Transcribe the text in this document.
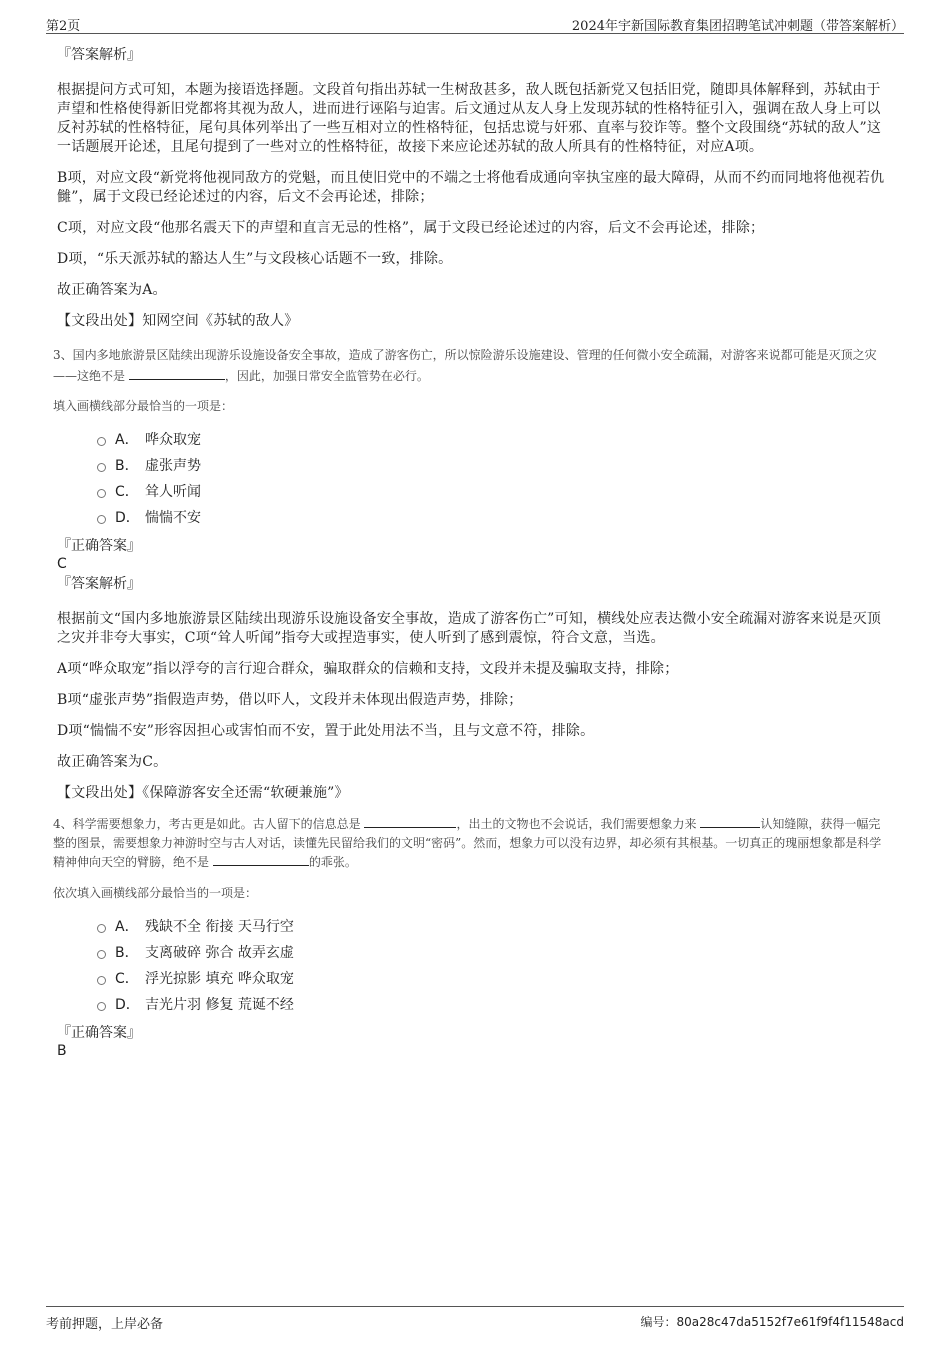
第2页	2024年宇新国际教育集团招聘笔试冲刺题（带答案解析）

『答案解析』

根据提问方式可知，本题为接语选择题。文段首句指出苏轼一生树敌甚多，敌人既包括新党又包括旧党，随即具体解释到，苏轼由于声望和性格使得新旧党都将其视为敌人，进而进行诬陷与迫害。后文通过从友人身上发现苏轼的性格特征引入，强调在敌人身上可以反衬苏轼的性格特征，尾句具体列举出了一些互相对立的性格特征，包括忠谠与奸邪、直率与狡诈等。整个文段围绕“苏轼的敌人”这一话题展开论述，且尾句提到了一些对立的性格特征，故接下来应论述苏轼的敌人所具有的性格特征，对应A项。

B项，对应文段“新党将他视同敌方的党魁，而且使旧党中的不端之士将他看成通向宰执宝座的最大障碍，从而不约而同地将他视若仇雠”，属于文段已经论述过的内容，后文不会再论述，排除；

C项，对应文段“他那名震天下的声望和直言无忌的性格”，属于文段已经论述过的内容，后文不会再论述，排除；

D项，“乐天派苏轼的豁达人生”与文段核心话题不一致，排除。

故正确答案为A。

【文段出处】知网空间《苏轼的敌人》

3、国内多地旅游景区陆续出现游乐设施设备安全事故，造成了游客伤亡，所以惊险游乐设施建设、管理的任何微小安全疏漏，对游客来说都可能是灭顶之灾——这绝不是	，因此，加强日常安全监管势在必行。

填入画横线部分最恰当的一项是：

A． 哗众取宠
B． 虚张声势
C． 耸人听闻
D． 惴惴不安

『正确答案』

C

『答案解析』

根据前文“国内多地旅游景区陆续出现游乐设施设备安全事故，造成了游客伤亡”可知，横线处应表达微小安全疏漏对游客来说是灭顶之灾并非夸大事实，C项“耸人听闻”指夸大或捏造事实，使人听到了感到震惊，符合文意，当选。

A项“哗众取宠”指以浮夸的言行迎合群众，骗取群众的信赖和支持，文段并未提及骗取支持，排除；

B项“虚张声势”指假造声势，借以吓人，文段并未体现出假造声势，排除；

D项“惴惴不安”形容因担心或害怕而不安，置于此处用法不当，且与文意不符，排除。

故正确答案为C。

【文段出处】《保障游客安全还需“软硬兼施”》

4、科学需要想象力，考古更是如此。古人留下的信息总是	，出土的文物也不会说话，我们需要想象力来	认知缝隙，获得一幅完整的图景，需要想象力神游时空与古人对话，读懂先民留给我们的文明“密码”。然而，想象力可以没有边界，却必须有其根基。一切真正的瑰丽想象都是科学精神伸向天空的臂膀，绝不是	的乖张。

依次填入画横线部分最恰当的一项是：

A． 残缺不全 衔接 天马行空
B． 支离破碎 弥合 故弄玄虚
C． 浮光掠影 填充 哗众取宠
D． 吉光片羽 修复 荒诞不经

『正确答案』

B

考前押题，上岸必备	编号：80a28c47da5152f7e61f9f4f11548acd
